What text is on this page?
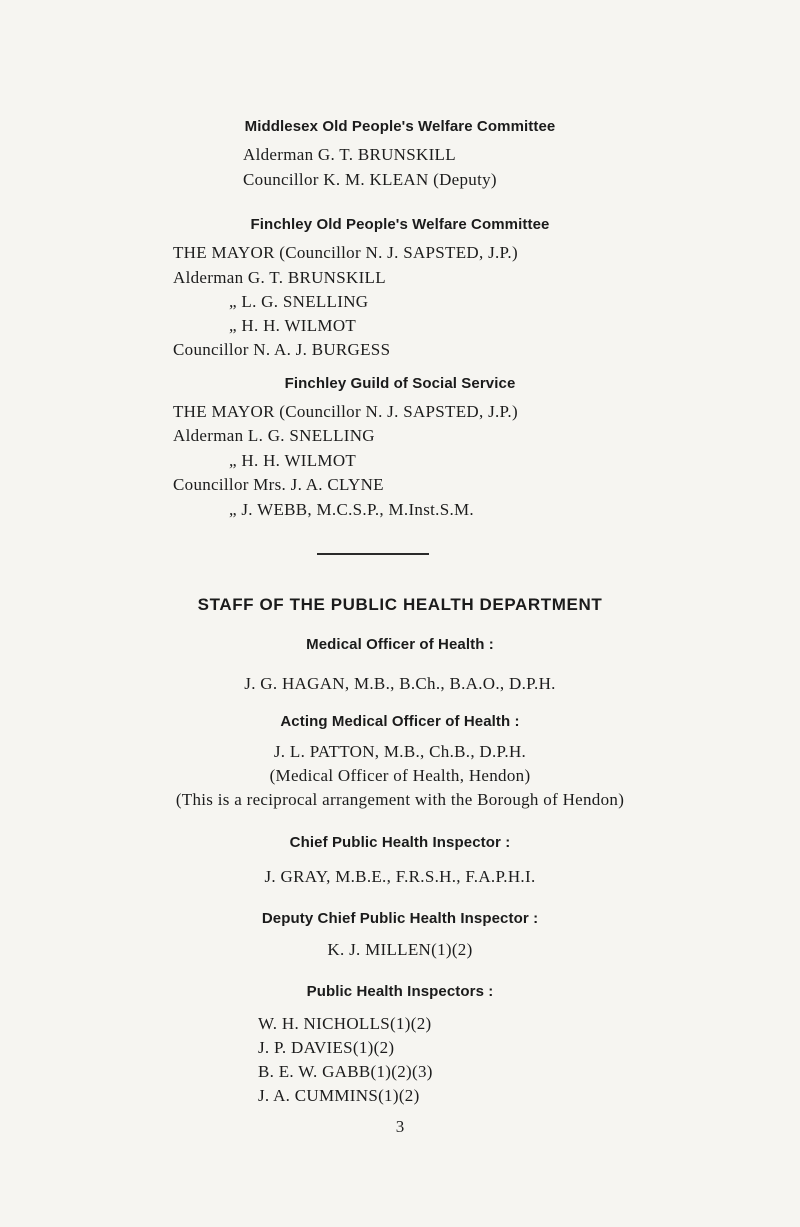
Middlesex Old People's Welfare Committee
Alderman G. T. BRUNSKILL
Councillor K. M. KLEAN (Deputy)
Finchley Old People's Welfare Committee
THE MAYOR (Councillor N. J. SAPSTED, J.P.)
Alderman G. T. BRUNSKILL
„ L. G. SNELLING
„ H. H. WILMOT
Councillor N. A. J. BURGESS
Finchley Guild of Social Service
THE MAYOR (Councillor N. J. SAPSTED, J.P.)
Alderman L. G. SNELLING
„ H. H. WILMOT
Councillor Mrs. J. A. CLYNE
„ J. WEBB, M.C.S.P., M.Inst.S.M.
STAFF OF THE PUBLIC HEALTH DEPARTMENT
Medical Officer of Health :
J. G. HAGAN, M.B., B.Ch., B.A.O., D.P.H.
Acting Medical Officer of Health :
J. L. PATTON, M.B., Ch.B., D.P.H.
(Medical Officer of Health, Hendon)
(This is a reciprocal arrangement with the Borough of Hendon)
Chief Public Health Inspector :
J. GRAY, M.B.E., F.R.S.H., F.A.P.H.I.
Deputy Chief Public Health Inspector :
K. J. MILLEN(1)(2)
Public Health Inspectors :
W. H. NICHOLLS(1)(2)
J. P. DAVIES(1)(2)
B. E. W. GABB(1)(2)(3)
J. A. CUMMINS(1)(2)
3
